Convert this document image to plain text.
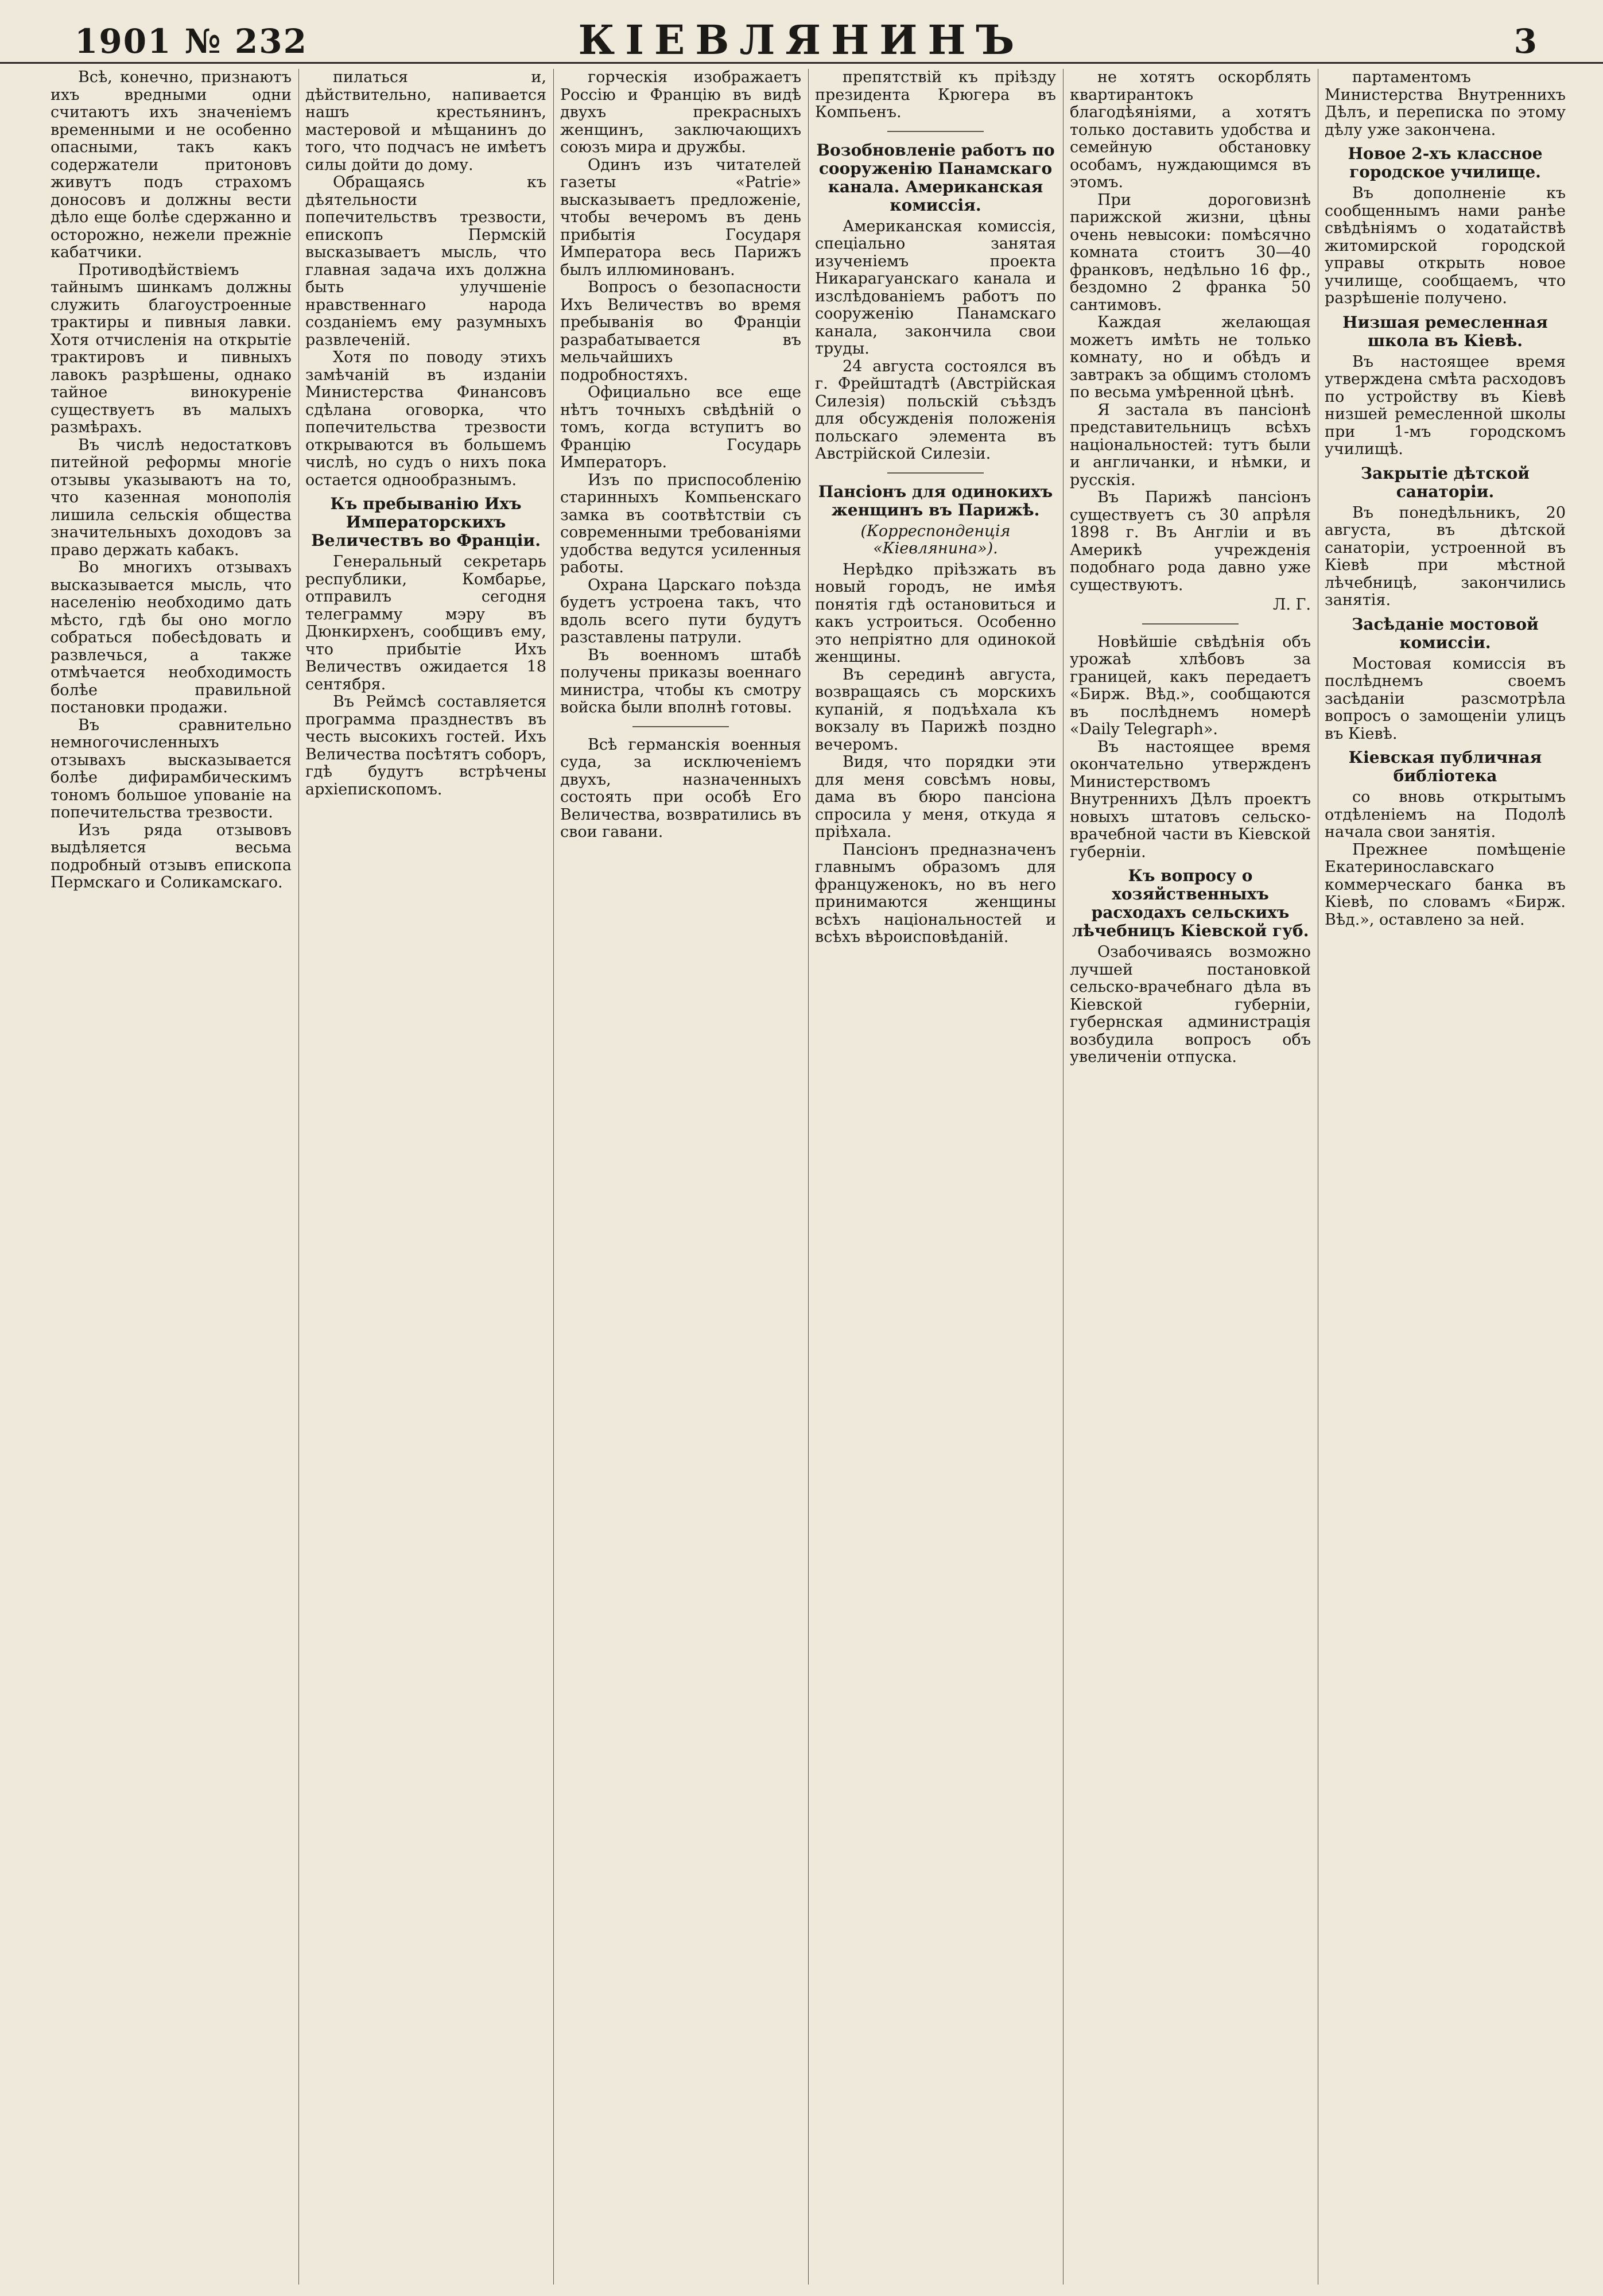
1901 № 232	КІЕВЛЯНИНЪ	3

Всѣ, конечно, признаютъ ихъ вредными одни считаютъ ихъ значеніемъ временными и не особенно опасными, такъ какъ содержатели притоновъ живутъ подъ страхомъ доносовъ и должны вести дѣло еще болѣе сдержанно и осторожно, нежели прежніе кабатчики.

Противодѣйствіемъ тайнымъ шинкамъ должны служить благоустроенные трактиры и пивныя лавки. Хотя отчисленія на открытіе трактировъ и пивныхъ лавокъ разрѣшены, однако тайное винокуреніе существуетъ въ малыхъ размѣрахъ.

Въ числѣ недостатковъ питейной реформы многіе отзывы указываютъ на то, что казенная монополія лишила сельскія общества значительныхъ доходовъ за право держать кабакъ.

Во многихъ отзывахъ высказывается мысль, что населенію необходимо дать мѣсто, гдѣ бы оно могло собраться побесѣдовать и развлечься, а также отмѣчается необходимость болѣе правильной постановки продажи.

Въ сравнительно немногочисленныхъ отзывахъ высказывается болѣе дифирамбическимъ тономъ большое упованіе на попечительства трезвости.

Изъ ряда отзывовъ выдѣляется весьма подробный отзывъ епископа Пермскаго и Соликамскаго.

пилаться и, дѣйствительно, напивается нашъ крестьянинъ, мастеровой и мѣщанинъ до того, что подчасъ не имѣетъ силы дойти до дому.

Обращаясь къ дѣятельности попечительствъ трезвости, епископъ Пермскій высказываетъ мысль, что главная задача ихъ должна быть улучшеніе нравственнаго народа созданіемъ ему разумныхъ развлеченій.

Хотя по поводу этихъ замѣчаній въ изданіи Министерства Финансовъ сдѣлана оговорка, что попечительства трезвости открываются въ большемъ числѣ, но судъ о нихъ пока остается однообразнымъ.

Къ пребыванію Ихъ Императорскихъ Величествъ во Франціи.

Генеральный секретарь республики, Комбарье, отправилъ сегодня телеграмму мэру въ Дюнкирхенъ, сообщивъ ему, что прибытіе Ихъ Величествъ ожидается 18 сентября.

Въ Реймсѣ составляется программа празднествъ въ честь высокихъ гостей. Ихъ Величества посѣтятъ соборъ, гдѣ будутъ встрѣчены архіепископомъ.

горческія изображаетъ Россію и Францію въ видѣ двухъ прекрасныхъ женщинъ, заключающихъ союзъ мира и дружбы.

Одинъ изъ читателей газеты «Patrie» высказываетъ предложеніе, чтобы вечеромъ въ день прибытія Государя Императора весь Парижъ былъ иллюминованъ.

Вопросъ о безопасности Ихъ Величествъ во время пребыванія во Франціи разрабатывается въ мельчайшихъ подробностяхъ.

Официально все еще нѣтъ точныхъ свѣдѣній о томъ, когда вступитъ во Францію Государь Императоръ.

Изъ по приспособленію старинныхъ Компьенскаго замка въ соотвѣтствіи съ современными требованіями удобства ведутся усиленныя работы.

Охрана Царскаго поѣзда будетъ устроена такъ, что вдоль всего пути будутъ разставлены патрули.

Въ военномъ штабѣ получены приказы военнаго министра, чтобы къ смотру войска были вполнѣ готовы.

Всѣ германскія военныя суда, за исключеніемъ двухъ, назначенныхъ состоять при особѣ Его Величества, возвратились въ свои гавани.

препятствій къ пріѣзду президента Крюгера въ Компьенъ.

Возобновленіе работъ по сооруженію Панамскаго канала. Американская комиссія.

Американская комиссія, спеціально занятая изученіемъ проекта Никарагуанскаго канала и изслѣдованіемъ работъ по сооруженію Панамскаго канала, закончила свои труды.

24 августа состоялся въ г. Фрейштадтѣ (Австрійская Силезія) польскій съѣздъ для обсужденія положенія польскаго элемента въ Австрійской Силезіи.

Пансіонъ для одинокихъ женщинъ въ Парижѣ.
(Корреспонденція «Кіевлянина»).

Нерѣдко пріѣзжать въ новый городъ, не имѣя понятія гдѣ остановиться и какъ устроиться. Особенно это непріятно для одинокой женщины.

Въ серединѣ августа, возвращаясь съ морскихъ купаній, я подъѣхала къ вокзалу въ Парижѣ поздно вечеромъ.

Видя, что порядки эти для меня совсѣмъ новы, дама въ бюро пансіона спросила у меня, откуда я пріѣхала.

Пансіонъ предназначенъ главнымъ образомъ для француженокъ, но въ него принимаются женщины всѣхъ національностей и всѣхъ вѣроисповѣданій.

не хотятъ оскорблять квартирантокъ благодѣяніями, а хотятъ только доставить удобства и семейную обстановку особамъ, нуждающимся въ этомъ.

При дороговизнѣ парижской жизни, цѣны очень невысоки: помѣсячно комната стоитъ 30—40 франковъ, недѣльно 16 фр., бездомно 2 франка 50 сантимовъ.

Каждая желающая можетъ имѣть не только комнату, но и обѣдъ и завтракъ за общимъ столомъ по весьма умѣренной цѣнѣ.

Я застала въ пансіонѣ представительницъ всѣхъ національностей: тутъ были и англичанки, и нѣмки, и русскія.

Въ Парижѣ пансіонъ существуетъ съ 30 апрѣля 1898 г. Въ Англіи и въ Америкѣ учрежденія подобнаго рода давно уже существуютъ.

Л. Г.

Новѣйшіе свѣдѣнія объ урожаѣ хлѣбовъ за границей, какъ передаетъ «Бирж. Вѣд.», сообщаются въ послѣднемъ номерѣ «Daily Telegraph».

Въ настоящее время окончательно утвержденъ Министерствомъ Внутреннихъ Дѣлъ проектъ новыхъ штатовъ сельско-врачебной части въ Кіевской губерніи.

Къ вопросу о хозяйственныхъ расходахъ сельскихъ лѣчебницъ Кіевской губ.

Озабочиваясь возможно лучшей постановкой сельско-врачебнаго дѣла въ Кіевской губерніи, губернская администрація возбудила вопросъ объ увеличеніи отпуска.

партаментомъ Министерства Внутреннихъ Дѣлъ, и переписка по этому дѣлу уже закончена.

Новое 2-хъ классное городское училище.

Въ дополненіе къ сообщеннымъ нами ранѣе свѣдѣніямъ о ходатайствѣ житомирской городской управы открыть новое училище, сообщаемъ, что разрѣшеніе получено.

Низшая ремесленная школа въ Кіевѣ.

Въ настоящее время утверждена смѣта расходовъ по устройству въ Кіевѣ низшей ремесленной школы при 1-мъ городскомъ училищѣ.

Закрытіе дѣтской санаторіи.

Въ понедѣльникъ, 20 августа, въ дѣтской санаторіи, устроенной въ Кіевѣ при мѣстной лѣчебницѣ, закончились занятія.

Засѣданіе мостовой комиссіи.

Мостовая комиссія въ послѣднемъ своемъ засѣданіи разсмотрѣла вопросъ о замощеніи улицъ въ Кіевѣ.

Кіевская публичная библіотека

со вновь открытымъ отдѣленіемъ на Подолѣ начала свои занятія.

Прежнее помѣщеніе Екатеринославскаго коммерческаго банка въ Кіевѣ, по словамъ «Бирж. Вѣд.», оставлено за ней.
